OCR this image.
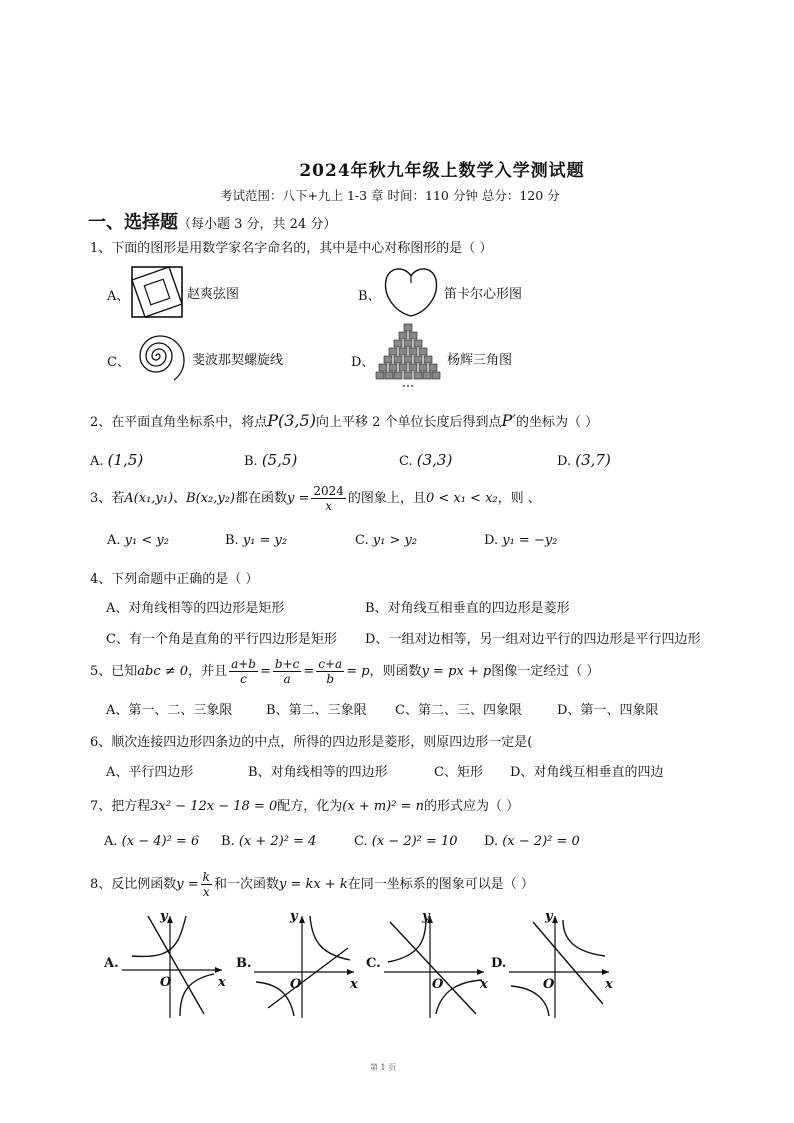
2024年秋九年级上数学入学测试题
考试范围：八下+九上 1-3 章 时间：110 分钟 总分：120 分
一、选择题（每小题 3 分，共 24 分）
1、下面的图形是用数学家名字命名的，其中是中心对称图形的是（ ）
A、	赵爽弦图	B、	笛卡尔心形图
C、	斐波那契螺旋线	D、	杨辉三角图
2、在平面直角坐标系中，将点P(3,5)向上平移 2 个单位长度后得到点P′的坐标为（ ）
A. (1,5)	B. (5,5)	C. (3,3)	D. (3,7)
3、若A(x₁,y₁)、B(x₂,y₂)都在函数$y = \frac{2024}{x}$ 的图象上，且0 < x₁ < x₂，则 、
A. y₁ < y₂	B. y₁ = y₂	C. y₁ > y₂	D. y₁ = −y₂
4、下列命题中正确的是（ ）
A、对角线相等的四边形是矩形	B、对角线互相垂直的四边形是菱形
C、有一个角是直角的平行四边形是矩形 D、一组对边相等，另一组对边平行的四边形是平行四边形
5、已知abc ≠ 0，并且 $\frac{a+b}{c} = \frac{b+c}{a} = \frac{c+a}{b} = p$，则函数y = px + p图像一定经过（ ）
A、第一、二、三象限	B、第二、三象限 C、第二、三、四象限	D、第一、四象限
6、顺次连接四边形四条边的中点，所得的四边形是菱形，则原四边形一定是(
A、平行四边形	B、对角线相等的四边形	C、矩形 D、对角线互相垂直的四边
7、把方程3x² − 12x − 18 = 0配方，化为(x + m)² = n的形式应为（ ）
A. (x − 4)² = 6 B. (x + 2)² = 4	C. (x − 2)² = 10 D. (x − 2)² = 0
8、反比例函数$y = \frac{k}{x}$ 和一次函数y = kx + k在同一坐标系的图象可以是（ ）
A.
O	x
y
B.
O	x
y
C.
O	x
y
D.
O	x
y
第 1 页
